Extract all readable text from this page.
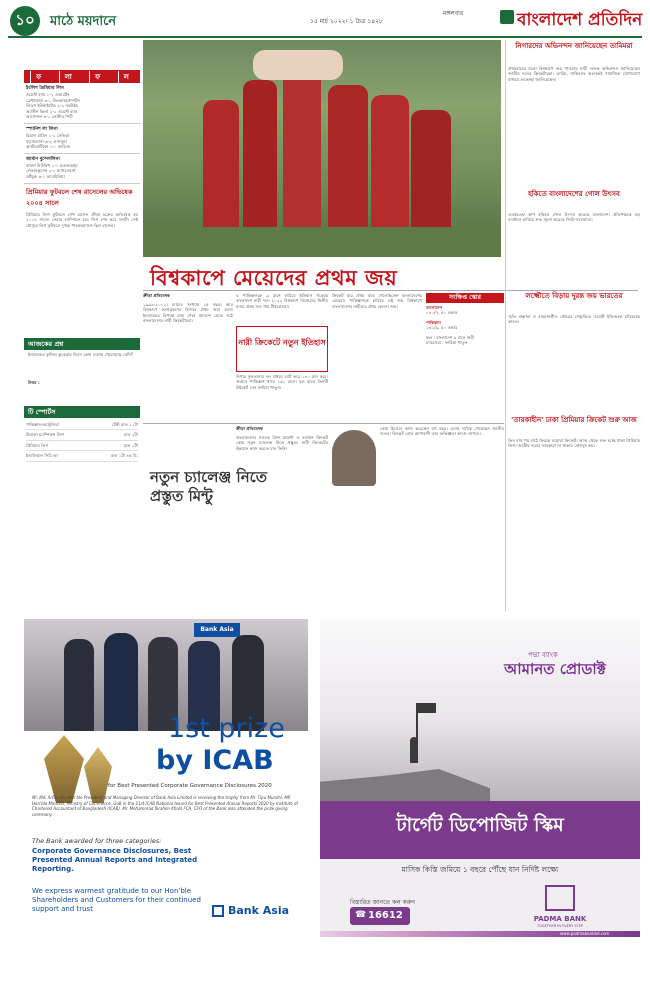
১০	মাঠে ময়দানে	১৫ মার্চ ২০২২। ১ চৈত্র ১৪২৮
মঙ্গলবার	বাংলাদেশ প্রতিদিন
ফ	লা	ফ	ল
ইংলিশ প্রিমিয়ার লিগ
ওয়েস্ট হ্যাম ১-২ এভারটন
ব্রেন্টফোর্ড ৩-১ উলভারহ্যাম্পটন
লিডস ইউনাইটেড ২-২ নরউইচ
অ্যাস্টন ভিলা ২-১ ওয়েস্ট হ্যাম
আর্সেনাল ৩-১ লেস্টার সিটি
স্প্যানিশ লা লিগা
রিয়াল মাদ্রিদ ১-১ সেভিয়া
বার্সেলোনা ৩-২ ওসাসুনা
অ্যাটলেটিকো ১-০ কাডিজ
জার্মান বুন্দেসলিগা
বায়ার্ন মিউনিখ ১-১ হফেনহেইম
লেভারকুসেন ২-০ ম্যাগডেবার্গ
ডর্টমুন্ড ৩-১ আরমিনিয়া
প্রিমিয়ার ফুটবলে শেষ রাসেলের অভিষেক ২০০৪ সালে
প্রিমিয়ার লিগ ফুটবলে শেখ রাসেল ক্রীড়া চক্রের অভিষেক হয় ২০০৪ সালে। সেবার চ্যাম্পিয়ন হয়ে লিগ শেষ করে দলটি। সেই মৌসুমে লিগ ফুটবলে দুর্দান্ত পারফরম্যান্সে ছিল রাসেল।
আজকের প্রশ্ন
ইংল্যান্ডের ফুটবল কুড়েরাম লিগে কোন দেশের খেলোয়াড় বেশি?
উত্তর :
টি স্পোর্টস
পাকিস্তান-অস্ট্রেলিয়া	টেস্ট রাত ১১টা
উয়েফা চ্যাম্পিয়ন্স লিগ	রাত ২টা
প্রিমিয়ার লিগ	রাত ১টা
ইতালিয়ান সিরি আ	রাত ১টা ৪৫ মি.
বিশ্বকাপে মেয়েদের প্রথম জয়
ক্রীড়া প্রতিবেদক
১৯৯৯-২০০২। ম্যাচের সংখ্যায় ২৫ বছর। আর বিশ্বকাপে অংশগ্রহণের হিসাবে প্রথম জয়। আজ ইংল্যান্ডের বিপক্ষে ম্যাচ শেষে আনন্দে মেতে ওঠে বাংলাদেশের নারী ক্রিকেটাররা।
৫ পাকিস্তানকে ৯ রানে হারিয়ে ইতিহাস গড়েছে বাংলাদেশ নারী দল। ২০২২ বিশ্বকাপে নিজেদের দ্বিতীয় ম্যাচে প্রথম জয় পায় টাইগ্রেসরা।
নারী ক্রিকেটে নতুন ইতিহাস
নিগার সুলতানার দল প্রথমে ব্যাট করে ১৪০ রান করে। জবাবে পাকিস্তান থামে ১৩১ রানে। বল হাতে তিনটি উইকেট নেন ফাহিমা খাতুন।
ক্রিকেট যার প্রথম ম্যাচ খেলেছিলেন বাংলাদেশের মেয়েরা। পাকিস্তানকে হারিয়ে এই জয় বিশ্বকাপে বাংলাদেশের নারীদের প্রথম কোনো জয়।
সংক্ষিপ্ত স্কোর
বাংলাদেশ
১৪০/৭, ৫০ ওভার
পাকিস্তান
১৩১/৯, ৫০ ওভার
ফল : বাংলাদেশ ৯ রানে জয়ী
ম্যাচসেরা : ফাহিমা খাতুন
নতুন চ্যালেঞ্জ নিতে প্রস্তুত মিন্টু
ক্রীড়া প্রতিবেদক
বাংলাদেশের সাবেক প্রিন্স মার্চেন্ট ও বর্তমান ক্রিকেট কোচ নতুন চ্যালেঞ্জ নিতে প্রস্তুত। নারী ক্রিকেটের উন্নয়নে কাজ করতে চান তিনি।
কোচ হিসেবে কাজ করেছেন বহু বছর। এবার দায়িত্ব পেয়েছেন জাতীয় দলের। ক্রিকেট বোর্ড আশাবাদী তার অভিজ্ঞতা কাজে লাগবে।
নিগারদের অভিনন্দন জানিয়েছেন তামিমরা
প্রথমবারের মতো বিশ্বকাপে জয় পাওয়ায় নারী দলকে অভিনন্দন জানিয়েছেন জাতীয় দলের ক্রিকেটাররা। তামিম, সাকিবসহ অনেকেই সামাজিক যোগাযোগ মাধ্যমে শুভেচ্ছা জানিয়েছেন।
হকিতে বাংলাদেশের গোল উৎসব
এএইচএফ কাপ হকিতে গোল উৎসব করেছে বাংলাদেশ। প্রতিপক্ষকে বড় ব্যবধানে হারিয়ে শুভ সূচনা করেছে জিমি-সরোয়ারা।
লক্ষ্মৌতে বিড়ায় দুরন্ত জয় ভারতের
স্মৃতি মান্ধানা ও হারমানপ্রীত কৌরের সেঞ্চুরিতে ওয়েস্ট ইন্ডিজকে হারিয়েছে ভারত।
'তারকাহীন' ঢাকা প্রিমিয়ার ক্রিকেট শুরু আজ
তিন মাস পর মাঠে ফিরছে ঘরোয়া ক্রিকেট। আজ থেকে শুরু হচ্ছে ঢাকা প্রিমিয়ার লিগ। জাতীয় দলের তারকারা না থাকায় জৌলুস কম।
Bank Asia
1st prize
by ICAB
for Best Presented Corporate Governance Disclosures 2020
Mr. Md. Arfan Ali, Hon'ble President and Managing Director of Bank Asia Limited is receiving the trophy from Mr. Tipu Munshi, MP, Hon'ble Minister, Ministry of Commerce, GoB in the 21st ICAB National Award for Best Presented Annual Reports 2020 by Institute of Chartered Accountant of Bangladesh (ICAB). Mr. Mohammad Ibrahim Khalil FCA, CFO of the Bank also attended the prize giving ceremony.
The Bank awarded for three categories:
Corporate Governance Disclosures, Best Presented Annual Reports and Integrated Reporting.
We express warmest gratitude to our Hon'ble Shareholders and Customers for their continued support and trust	Bank Asia
পদ্মা ব্যাংক
আমানত প্রোডাক্ট
টার্গেট ডিপোজিট স্কিম
মাসিক কিস্তি জমিয়ে ১ বছরে পৌঁছে যান নির্দিষ্ট লক্ষ্যে
বিস্তারিত জানতে কল করুন
☎ 16612	PADMA BANK
TOGETHER IN EVERY STEP
www.padmabankbd.com
